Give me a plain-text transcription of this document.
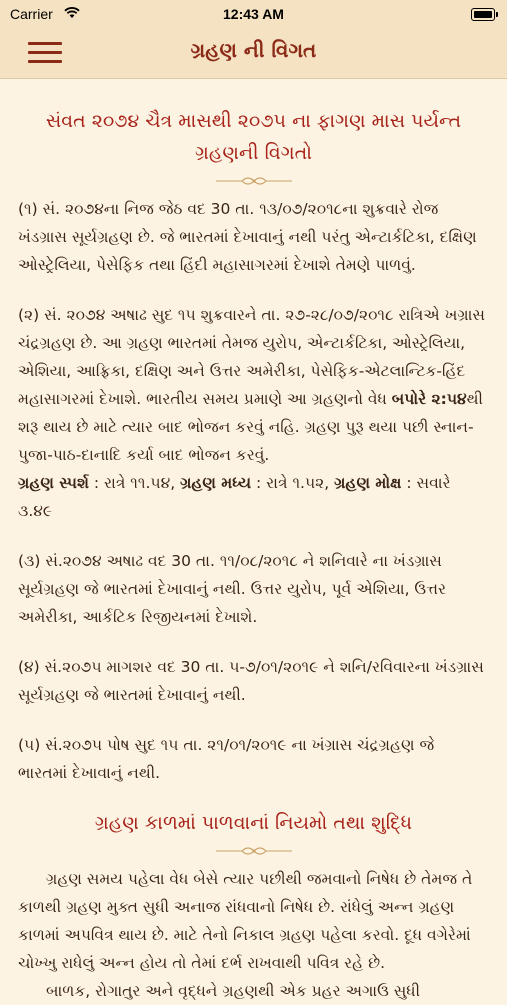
Carrier	12:43 AM
ગ્રહણ ની વિગત
સંવત ૨૦૭૪ ચૈત્ર માસથી ૨૦૭૫ ના ફાગણ માસ પર્યન્ત ગ્રહણની વિગતો

(૧) સં. ૨૦૭૪ના નિજ જેઠ વદ 30 તા. ૧૩/૦૭/૨૦૧૮ના શુક્રવારે રોજ ખંડગ્રાસ સૂર્યગ્રહણ છે. જે ભારતમાં દેખાવાનું નથી પરંતુ એન્ટાર્કટિકા, દક્ષિણ ઓસ્ટ્રેલિયા, પેસેફિક તથા હિંદી મહાસાગરમાં દેખાશે તેમણે પાળવું.

(૨) સં. ૨૦૭૪ અષાઢ સુદ ૧૫ શુક્રવારને તા. ૨૭-૨૮/૦૭/૨૦૧૮ રાત્રિએ ખગ્રાસ ચંદ્રગ્રહણ છે. આ ગ્રહણ ભારતમાં તેમજ યુરોપ, એન્ટાર્કટિકા, ઓસ્ટ્રેલિયા, એશિયા, આફ્રિકા, દક્ષિણ અને ઉત્તર અમેરીકા, પેસેફિક-એટલાન્ટિક-હિંદ મહાસાગરમાં દેખાશે. ભારતીય સમય પ્રમાણે આ ગ્રહણનો વેધ બપોરે ૨:૫૪થી શરૂ થાય છે માટે ત્યાર બાદ ભોજન કરવું નહિ. ગ્રહણ પુરૂ થયા પછી સ્નાન-પુજા-પાઠ-દાનાદિ કર્યા બાદ ભોજન કરવું.
ગ્રહણ સ્પર્શ : રાત્રે ૧૧.૫૪, ગ્રહણ મધ્ય : રાત્રે ૧.૫૨, ગ્રહણ મોક્ષ : સવારે ૩.૪૯

(૩) સં.૨૦૭૪ અષાઢ વદ 30 તા. ૧૧/૦૮/૨૦૧૮ ને શનિવારે ના ખંડગ્રાસ સૂર્યગ્રહણ જે ભારતમાં દેખાવાનું નથી. ઉત્તર યુરોપ, પૂર્વ એશિયા, ઉત્તર અમેરીકા, આર્કટિક રિજીયનમાં દેખાશે.

(૪) સં.૨૦૭૫ માગશર વદ 30 તા. ૫-૭/૦૧/૨૦૧૯ ને શનિ/રવિવારના ખંડગ્રાસ સૂર્યગ્રહણ જે ભારતમાં દેખાવાનું નથી.

(૫) સં.૨૦૭૫ પોષ સુદ ૧૫ તા. ૨૧/૦૧/૨૦૧૯ ના ખંગ્રાસ ચંદ્રગ્રહણ જે ભારતમાં દેખાવાનું નથી.

ગ્રહણ કાળમાં પાળવાનાં નિયમો તથા શુદ્ધિ

ગ્રહણ સમય પહેલા વેધ બેસે ત્યાર પછીથી જમવાનો નિષેધ છે તેમજ તે કાળથી ગ્રહણ મુક્ત સુધી અનાજ રાંધવાનો નિષેધ છે. રાંધેલું અન્ન ગ્રહણ કાળમાં અપવિત્ર થાય છે. માટે તેનો નિકાલ ગ્રહણ પહેલા કરવો. દૂધ વગેરેમાં ચોખ્ખુ રાધેલું અન્ન હોય તો તેમાં દર્ભ રાખવાથી પવિત્ર રહે છે.

બાળક, રોગાતુર અને વૃદ્ધને ગ્રહણથી એક પ્રહર અગાઉ સુધી
